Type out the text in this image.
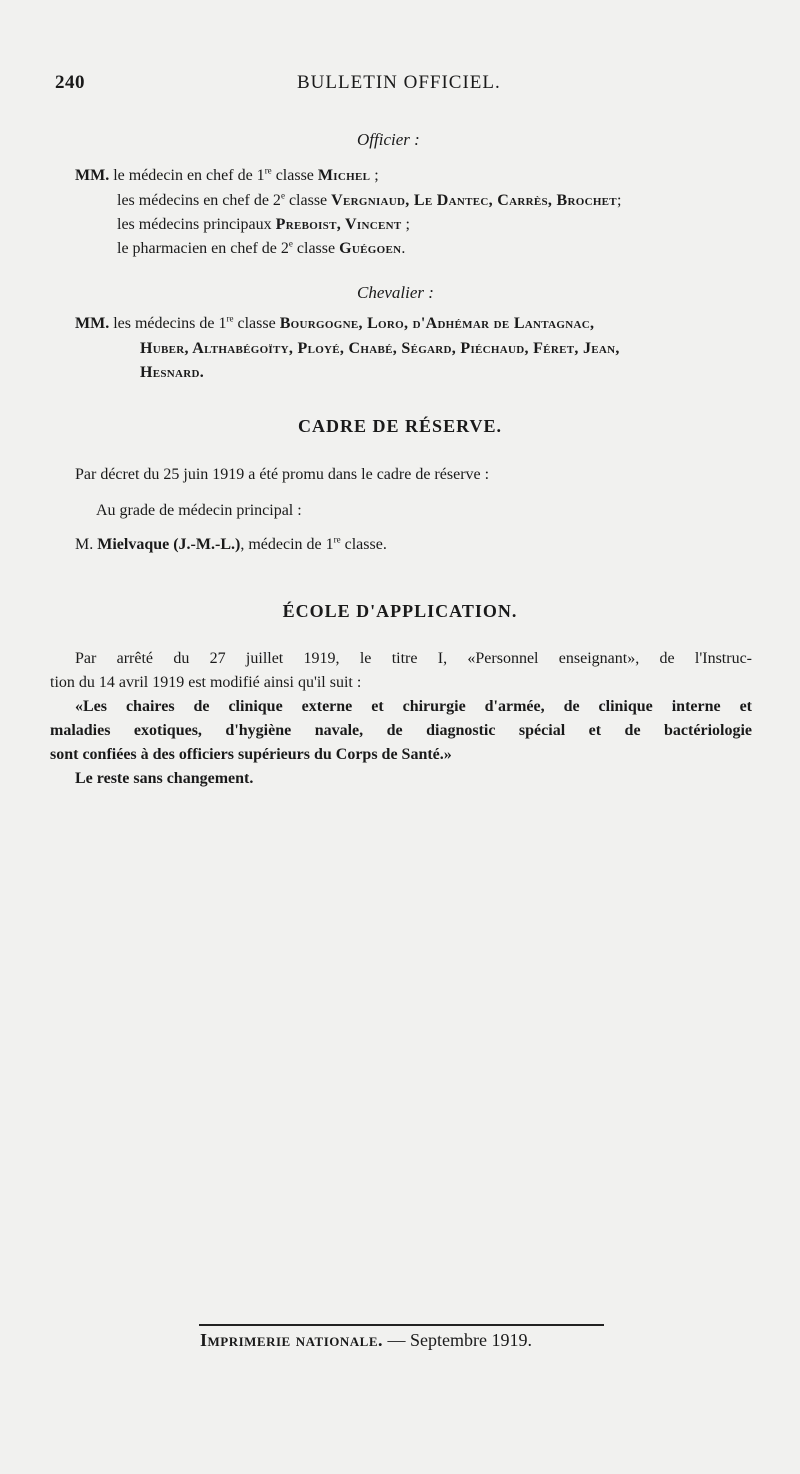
240	BULLETIN OFFICIEL.
Officier :
MM. le médecin en chef de 1re classe Michel ;
les médecins en chef de 2e classe Vergniaud, Le Dantec, Carrès, Brochet;
les médecins principaux Preboist, Vincent ;
le pharmacien en chef de 2e classe Guégoen.
Chevalier :
MM. les médecins de 1re classe Bourgogne, Loro, d'Adhémar de Lantagnac,
Huber, Althabégoïty, Ployé, Chabé, Ségard, Piéchaud, Féret, Jean,
Hesnard.
CADRE DE RÉSERVE.
Par décret du 25 juin 1919 a été promu dans le cadre de réserve :
Au grade de médecin principal :
M. Mielvaque (J.-M.-L.), médecin de 1re classe.
ÉCOLE D'APPLICATION.
Par arrêté du 27 juillet 1919, le titre I, «Personnel enseignant», de l'Instruc-
tion du 14 avril 1919 est modifié ainsi qu'il suit :
«Les chaires de clinique externe et chirurgie d'armée, de clinique interne et
maladies exotiques, d'hygiène navale, de diagnostic spécial et de bactériologie
sont confiées à des officiers supérieurs du Corps de Santé.»
Le reste sans changement.
Imprimerie nationale. — Septembre 1919.
